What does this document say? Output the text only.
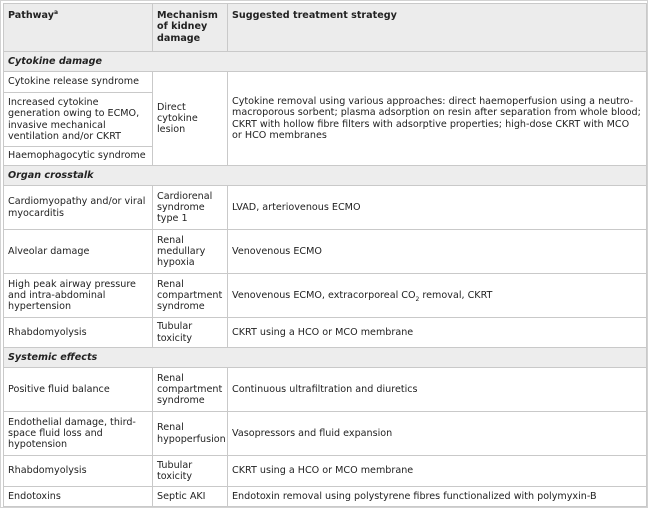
Pathway$^a$	Mechanism of kidney damage	Suggested treatment strategy
Cytokine damage		
Cytokine release syndrome	Direct cytokine lesion	Cytokine removal using various approaches: direct haemoperfusion using a neutro-macroporous sorbent; plasma adsorption on resin after separation from whole blood; CKRT with hollow fibre filters with adsorptive properties; high-dose CKRT with MCO or HCO membranes
Increased cytokine generation owing to ECMO, invasive mechanical ventilation and/or CKRT		
Haemophagocytic syndrome		
Organ crosstalk		
Cardiomyopathy and/or viral myocarditis	Cardiorenal syndrome type 1	LVAD, arteriovenous ECMO
Alveolar damage	Renal medullary hypoxia	Venovenous ECMO
High peak airway pressure and intra-abdominal hypertension	Renal compartment syndrome	Venovenous ECMO, extracorporeal $CO_2$ removal, CKRT
Rhabdomyolysis	Tubular toxicity	CKRT using a HCO or MCO membrane
Systemic effects		
Positive fluid balance	Renal compartment syndrome	Continuous ultrafiltration and diuretics
Endothelial damage, third-space fluid loss and hypotension	Renal hypoperfusion	Vasopressors and fluid expansion
Rhabdomyolysis	Tubular toxicity	CKRT using a HCO or MCO membrane
Endotoxins	Septic AKI	Endotoxin removal using polystyrene fibres functionalized with polymyxin-B
